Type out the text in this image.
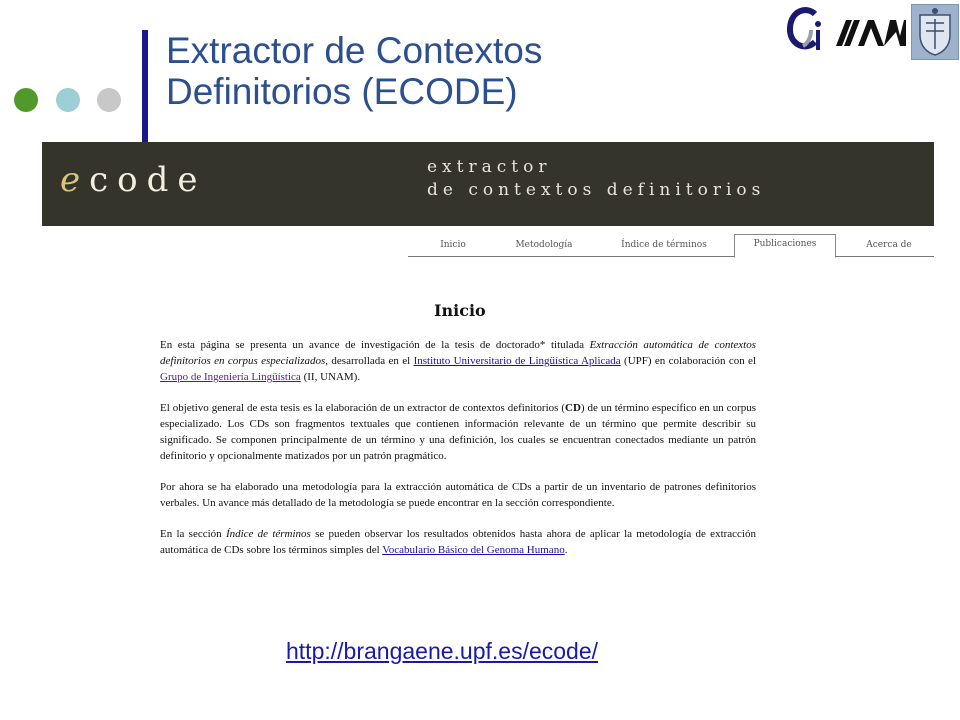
Extractor de Contextos
Definitorios (ECODE)
ecode	extractor
de contextos definitorios
Inicio	Metodología	Índice de términos	Publicaciones	Acerca de
Inicio

En esta página se presenta un avance de investigación de la tesis de doctorado* titulada Extracción automática de contextos definitorios en corpus especializados, desarrollada en el Instituto Universitario de Lingüística Aplicada (UPF) en colaboración con el Grupo de Ingeniería Lingüística (II, UNAM).

El objetivo general de esta tesis es la elaboración de un extractor de contextos definitorios (CD) de un término específico en un corpus especializado. Los CDs son fragmentos textuales que contienen información relevante de un término que permite describir su significado. Se componen principalmente de un término y una definición, los cuales se encuentran conectados mediante un patrón definitorio y opcionalmente matizados por un patrón pragmático.

Por ahora se ha elaborado una metodología para la extracción automática de CDs a partir de un inventario de patrones definitorios verbales. Un avance más detallado de la metodología se puede encontrar en la sección correspondiente.

En la sección Índice de términos se pueden observar los resultados obtenidos hasta ahora de aplicar la metodología de extracción automática de CDs sobre los términos simples del Vocabulario Básico del Genoma Humano.

http://brangaene.upf.es/ecode/
